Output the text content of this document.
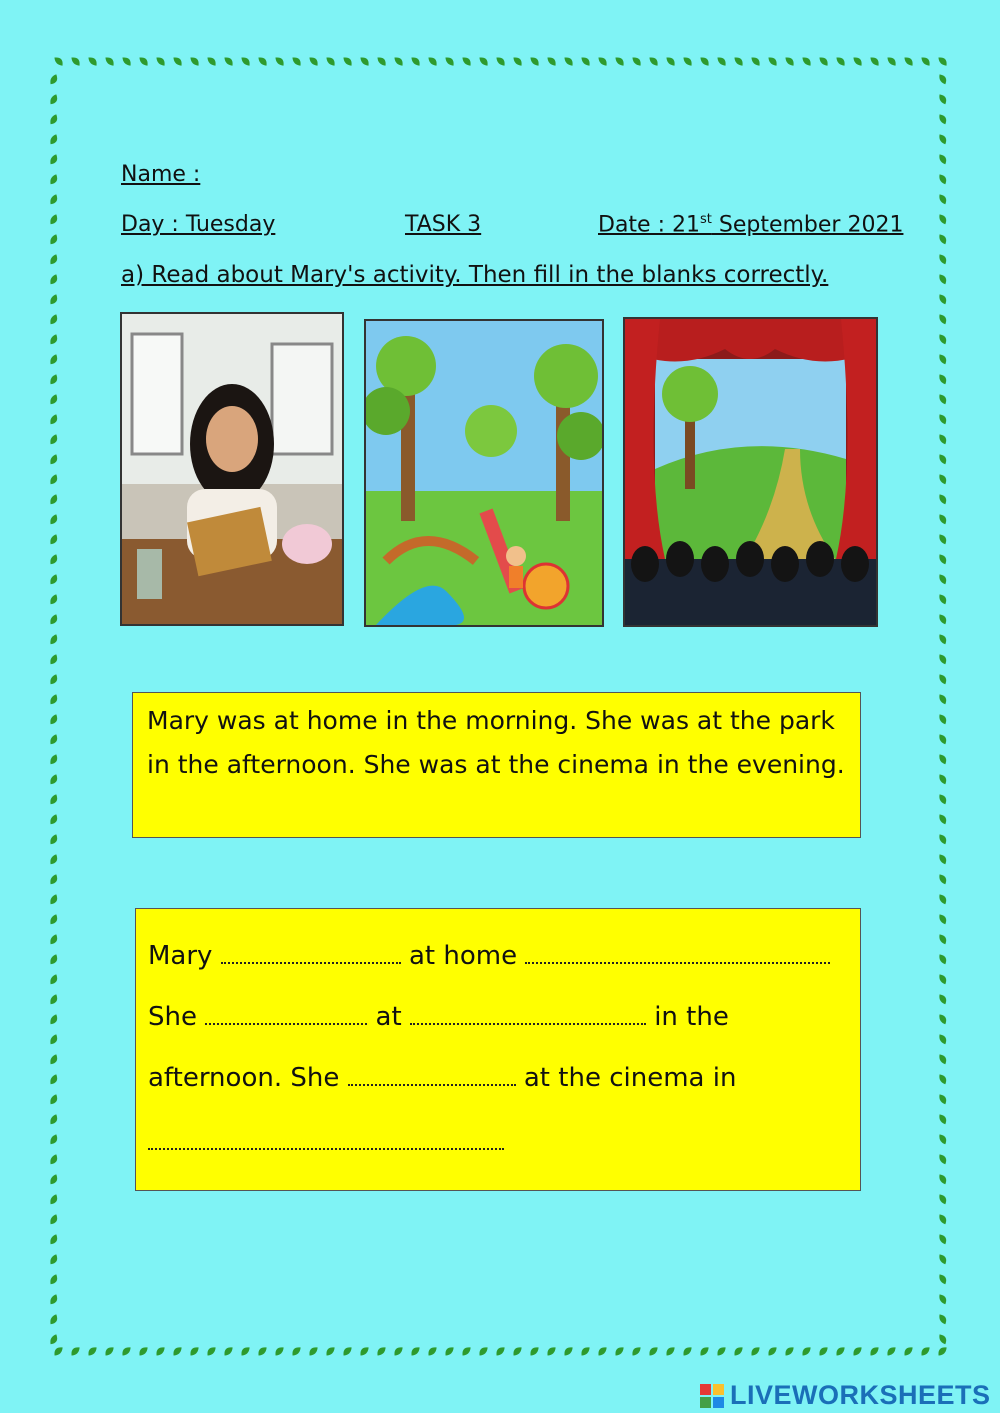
Name :
Day : Tuesday	TASK 3	Date : 21st September 2021
a) Read about Mary's activity. Then fill in the blanks correctly.
Mary was at home in the morning. She was at the park in the afternoon. She was at the cinema in the evening.
Mary	at home
She	at	in the
afternoon. She	at the cinema in
LIVEWORKSHEETS
